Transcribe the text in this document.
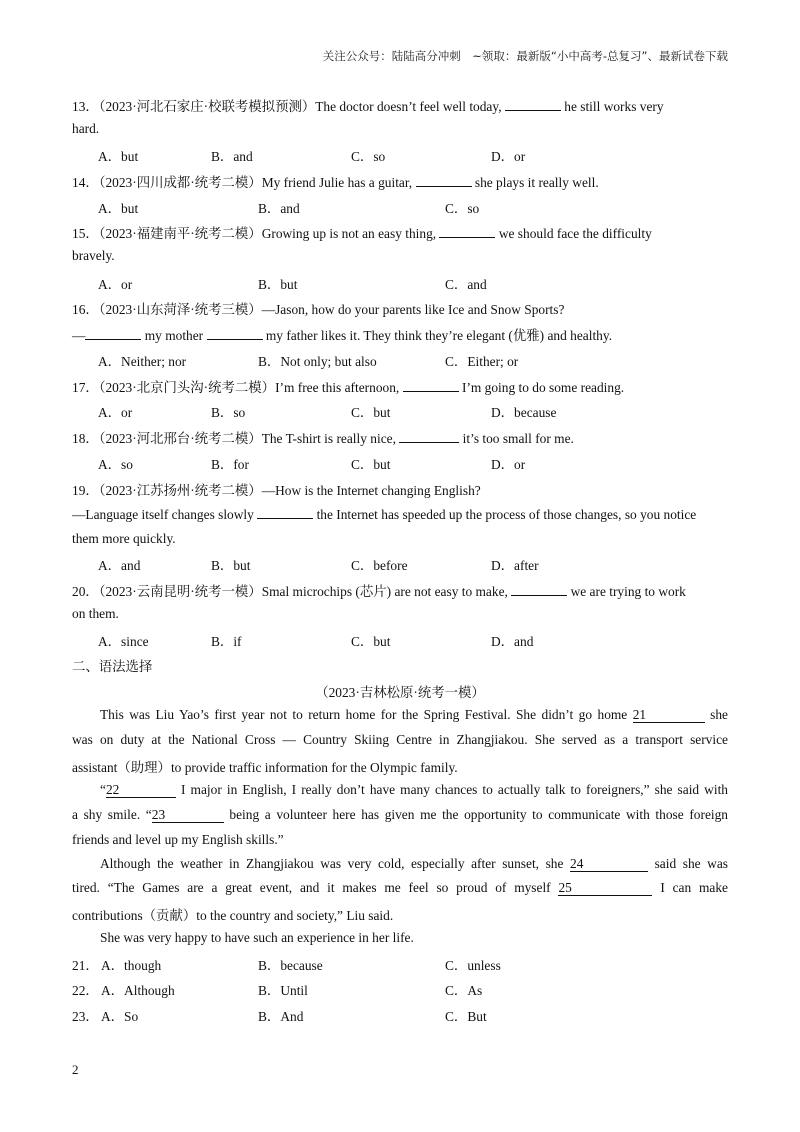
关注公众号：陆陆高分冲刺　~领取：最新版“小中高考-总复习”、最新试卷下载
13．（2023·河北石家庄·校联考模拟预测）The doctor doesn’t feel well today,	he still works very
hard.
A．but	B．and	C．so	D．or
14．（2023·四川成都·统考二模）My friend Julie has a guitar,	she plays it really well.
A．but	B．and	C．so
15．（2023·福建南平·统考二模）Growing up is not an easy thing,	we should face the difficulty
bravely.
A．or	B．but	C．and
16．（2023·山东菏泽·统考三模）—Jason, how do your parents like Ice and Snow Sports?
—	my mother	my father likes it. They think they’re elegant (优雅) and healthy.
A．Neither; nor	B．Not only; but also	C．Either; or
17．（2023·北京门头沟·统考二模）I’m free this afternoon,	I’m going to do some reading.
A．or	B．so	C．but	D．because
18．（2023·河北邢台·统考二模）The T-shirt is really nice,	it’s too small for me.
A．so	B．for	C．but	D．or
19．（2023·江苏扬州·统考二模）—How is the Internet changing English?
—Language itself changes slowly	the Internet has speeded up the process of those changes, so you notice
them more quickly.
A．and	B．but	C．before	D．after
20．（2023·云南昆明·统考一模）Smal microchips (芯片) are not easy to make,	we are trying to work
on them.
A．since	B．if	C．but	D．and
二、语法选择
（2023·吉林松原·统考一模）
This was Liu Yao’s first year not to return home for the Spring Festival. She didn’t go home 21	she
was on duty at the National Cross — Country Skiing Centre in Zhangjiakou. She served as a transport service
assistant（助理）to provide traffic information for the Olympic family.
“22	I major in English, I really don’t have many chances to actually talk to foreigners,” she said with
a shy smile. “23	being a volunteer here has given me the opportunity to communicate with those foreign
friends and level up my English skills.”
Although the weather in Zhangjiakou was very cold, especially after sunset, she 24	said she was
tired. “The Games are a great event, and it makes me feel so proud of myself 25	I can make
contributions（贡献）to the country and society,” Liu said.
She was very happy to have such an experience in her life.
21． A．though	B．because	C．unless
22． A．Although	B．Until	C．As
23． A．So	B．And	C．But
2
